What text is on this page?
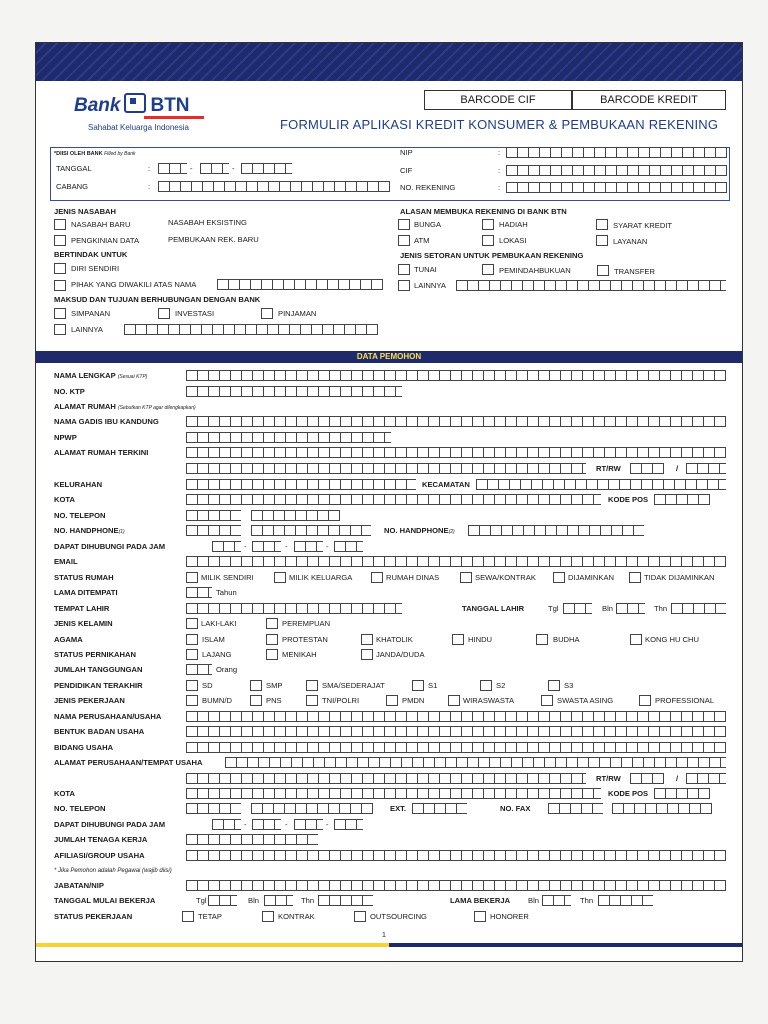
Bank BTN
Sahabat Keluarga Indonesia
BARCODE CIF	BARCODE KREDIT
FORMULIR APLIKASI KREDIT KONSUMER & PEMBUKAAN REKENING
*DIISI OLEH BANK Filled by Bank
TANGGAL	:	-	-
CABANG	:
NIP	:
CIF	:
NO. REKENING	:
JENIS NASABAH
NASABAH BARU	NASABAH EKSISTING
PENGKINIAN DATA	PEMBUKAAN REK. BARU
BERTINDAK UNTUK
DIRI SENDIRI
PIHAK YANG DIWAKILI ATAS NAMA
MAKSUD DAN TUJUAN BERHUBUNGAN DENGAN BANK
SIMPANAN	INVESTASI	PINJAMAN
LAINNYA
ALASAN MEMBUKA REKENING DI BANK BTN
BUNGA	HADIAH	SYARAT KREDIT
ATM	LOKASI	LAYANAN
JENIS SETORAN UNTUK PEMBUKAAN REKENING
TUNAI	PEMINDAHBUKUAN	TRANSFER
LAINNYA
DATA PEMOHON
NAMA LENGKAP (Sesuai KTP)
NO. KTP
ALAMAT RUMAH (Sebutkan KTP agar dilengkapkan)
NAMA GADIS IBU KANDUNG
NPWP
ALAMAT RUMAH TERKINI
RT/RW	/
KELURAHAN	KECAMATAN
KOTA	KODE POS
NO. TELEPON
NO. HANDPHONE(1)	NO. HANDPHONE(2)
DAPAT DIHUBUNGI PADA JAM	-	-	-
EMAIL
STATUS RUMAH	MILIK SENDIRI	MILIK KELUARGA	RUMAH DINAS	SEWA/KONTRAK	DIJAMINKAN	TIDAK DIJAMINKAN
LAMA DITEMPATI	Tahun
TEMPAT LAHIR	TANGGAL LAHIR	Tgl	Bln	Thn
JENIS KELAMIN	LAKI-LAKI	PEREMPUAN
AGAMA	ISLAM	PROTESTAN	KHATOLIK	HINDU	BUDHA	KONG HU CHU
STATUS PERNIKAHAN	LAJANG	MENIKAH	JANDA/DUDA
JUMLAH TANGGUNGAN	Orang
PENDIDIKAN TERAKHIR	SD	SMP	SMA/SEDERAJAT	S1	S2	S3
JENIS PEKERJAAN	BUMN/D	PNS	TNI/POLRI	PMDN	WIRASWASTA	SWASTA ASING	PROFESSIONAL
NAMA PERUSAHAAN/USAHA
BENTUK BADAN USAHA
BIDANG USAHA
ALAMAT PERUSAHAAN/TEMPAT USAHA
RT/RW	/
KOTA	KODE POS
NO. TELEPON	EXT.	NO. FAX
DAPAT DIHUBUNGI PADA JAM	-	-	-
JUMLAH TENAGA KERJA
AFILIASI/GROUP USAHA
* Jika Pemohon adalah Pegawai (wajib diisi)
JABATAN/NIP
TANGGAL MULAI BEKERJA	Tgl	Bln	Thn	LAMA BEKERJA Bln	Thn
STATUS PEKERJAAN	TETAP	KONTRAK	OUTSOURCING	HONORER
1
